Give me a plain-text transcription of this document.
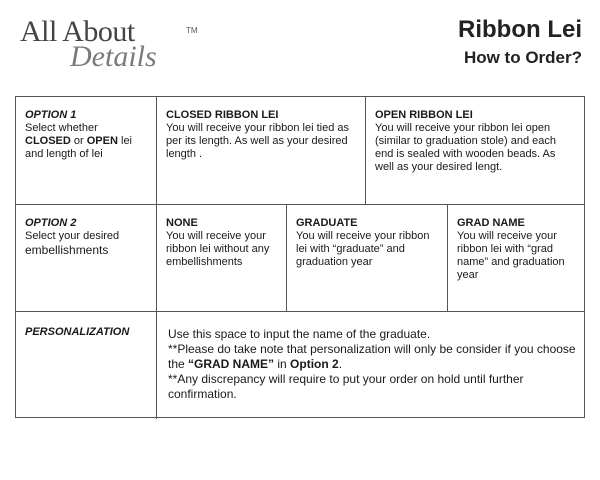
All About
Details
TM	Ribbon Lei
How to Order?
OPTION 1
Select whether
CLOSED or OPEN lei and length of lei
CLOSED RIBBON LEI
You will receive your ribbon lei tied as per its length. As well as your desired length .
OPEN RIBBON LEI
You will receive your ribbon lei open (similar to graduation stole) and each end is sealed with wooden beads. As well as your desired lengt.
OPTION 2
Select your desired
embellishments
NONE
You will receive your ribbon lei without any embellishments
GRADUATE
You will receive your ribbon lei with “graduate” and graduation year
GRAD NAME
You will receive your ribbon lei with “grad name” and graduation year
PERSONALIZATION	Use this space to input the name of the graduate.
**Please do take note that personalization will only be consider if you choose the “GRAD NAME” in Option 2.
**Any discrepancy will require to put your order on hold until further confirmation.
